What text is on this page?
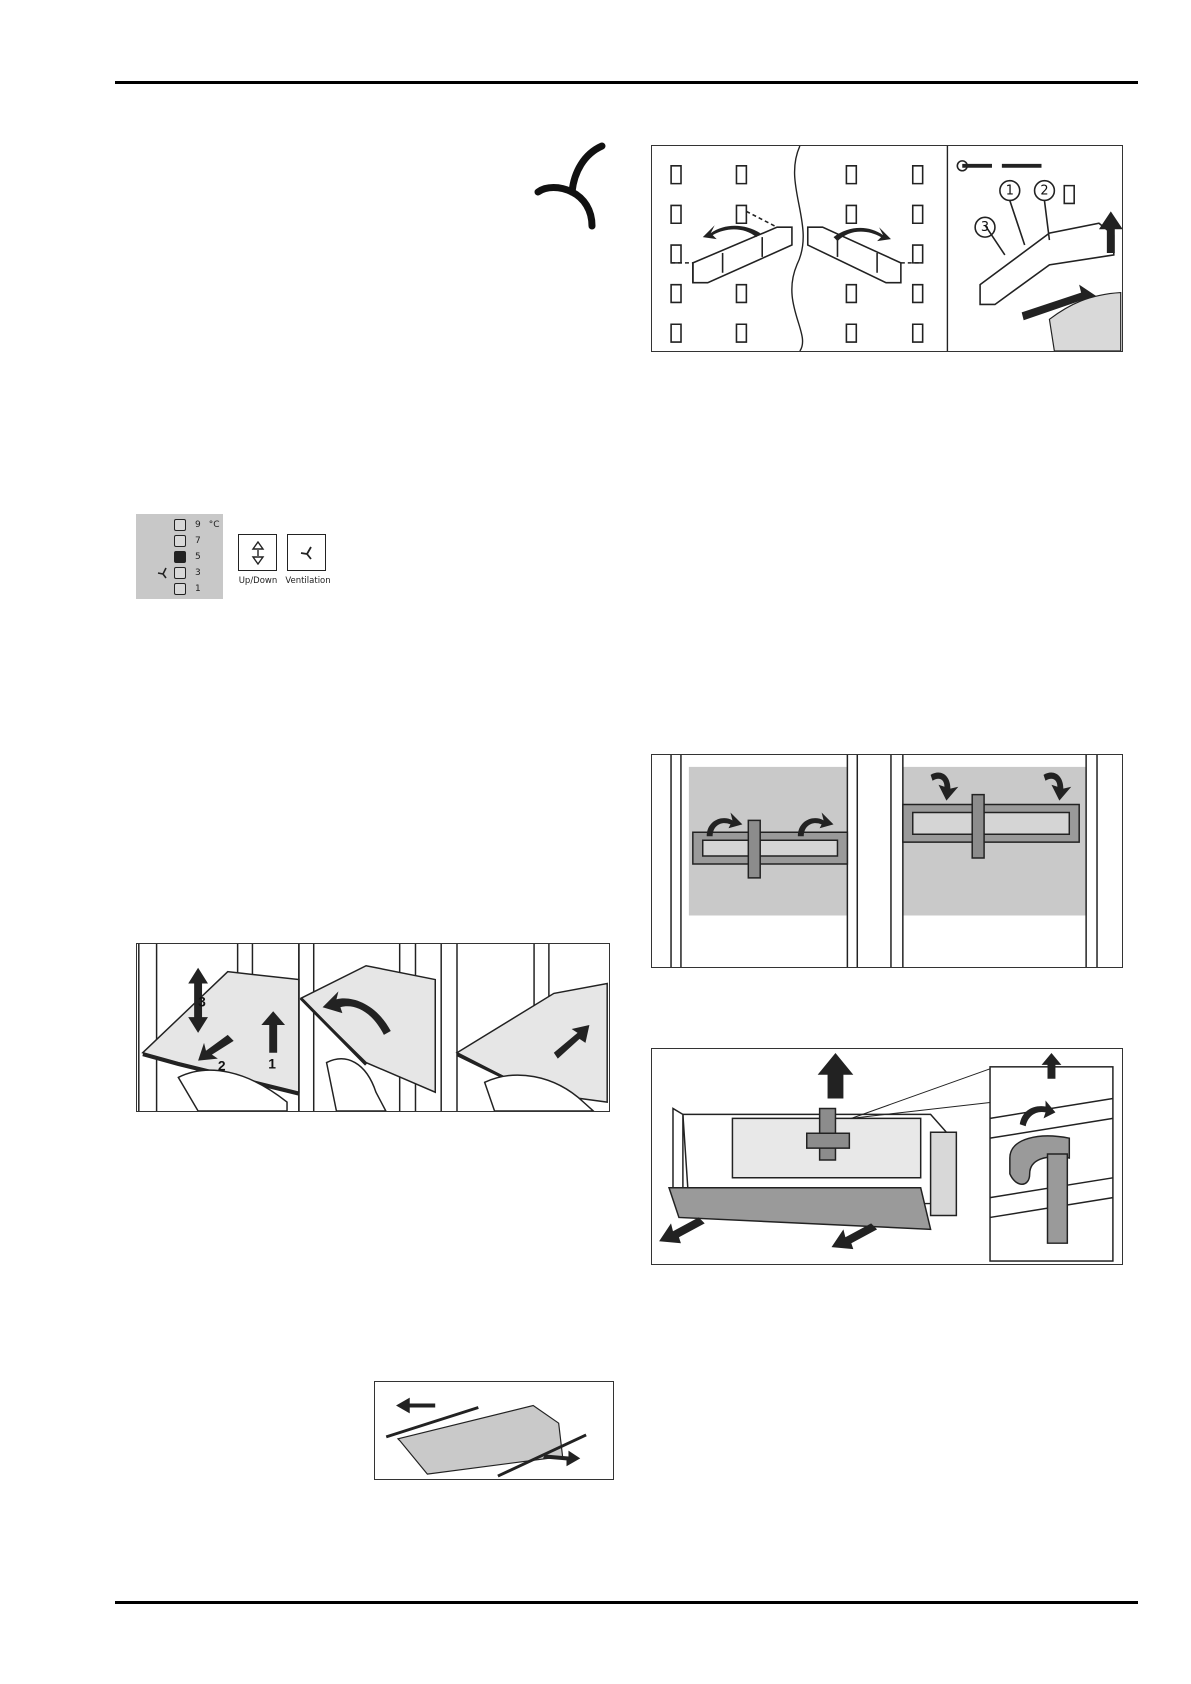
1 2
3
9 °C
7
5
3
1
Up/Down Ventilation
3
2	1
